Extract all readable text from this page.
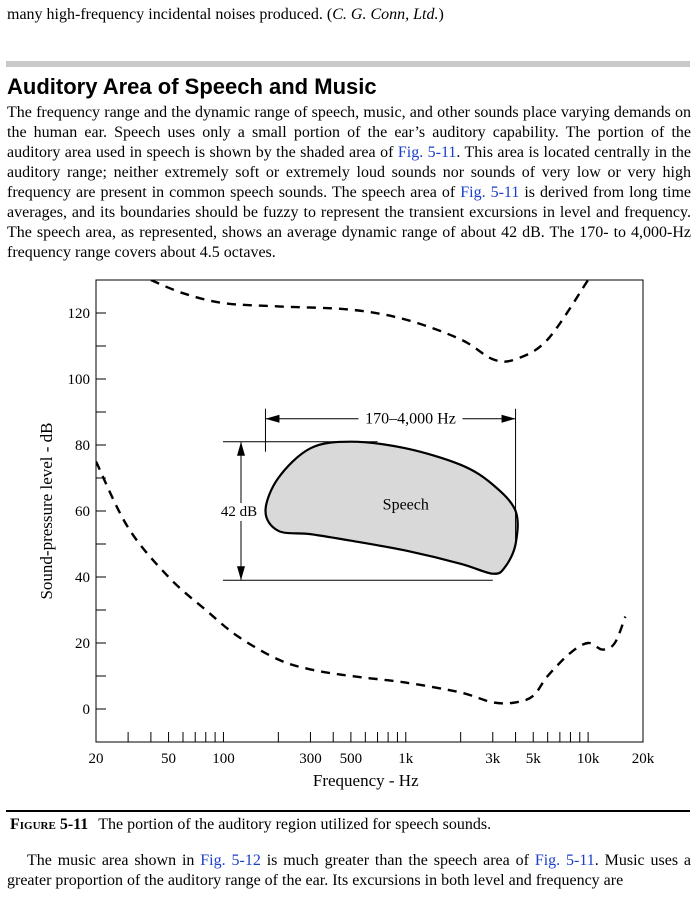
many high-frequency incidental noises produced. (C. G. Conn, Ltd.)
Auditory Area of Speech and Music

The frequency range and the dynamic range of speech, music, and other sounds place varying demands on the human ear. Speech uses only a small portion of the ear’s auditory capability. The portion of the auditory area used in speech is shown by the shaded area of Fig. 5-11. This area is located centrally in the auditory range; neither extremely soft or extremely loud sounds nor sounds of very low or very high frequency are present in common speech sounds. The speech area of Fig. 5-11 is derived from long time averages, and its boundaries should be fuzzy to represent the transient excursions in level and frequency. The speech area, as represented, shows an average dynamic range of about 42 dB. The 170- to 4,000-Hz frequency range covers about 4.5 octaves.

0
20
40
60
80
100
120
20	50 100	300 500 1k	3k 5k 10k 20k
Speech
170–4,000 Hz
42 dB
Frequency - Hz
Sound-pressure level - dB
Figure 5-11 The portion of the auditory region utilized for speech sounds.

The music area shown in Fig. 5-12 is much greater than the speech area of Fig. 5-11. Music uses a greater proportion of the auditory range of the ear. Its excursions in both level and frequency are
